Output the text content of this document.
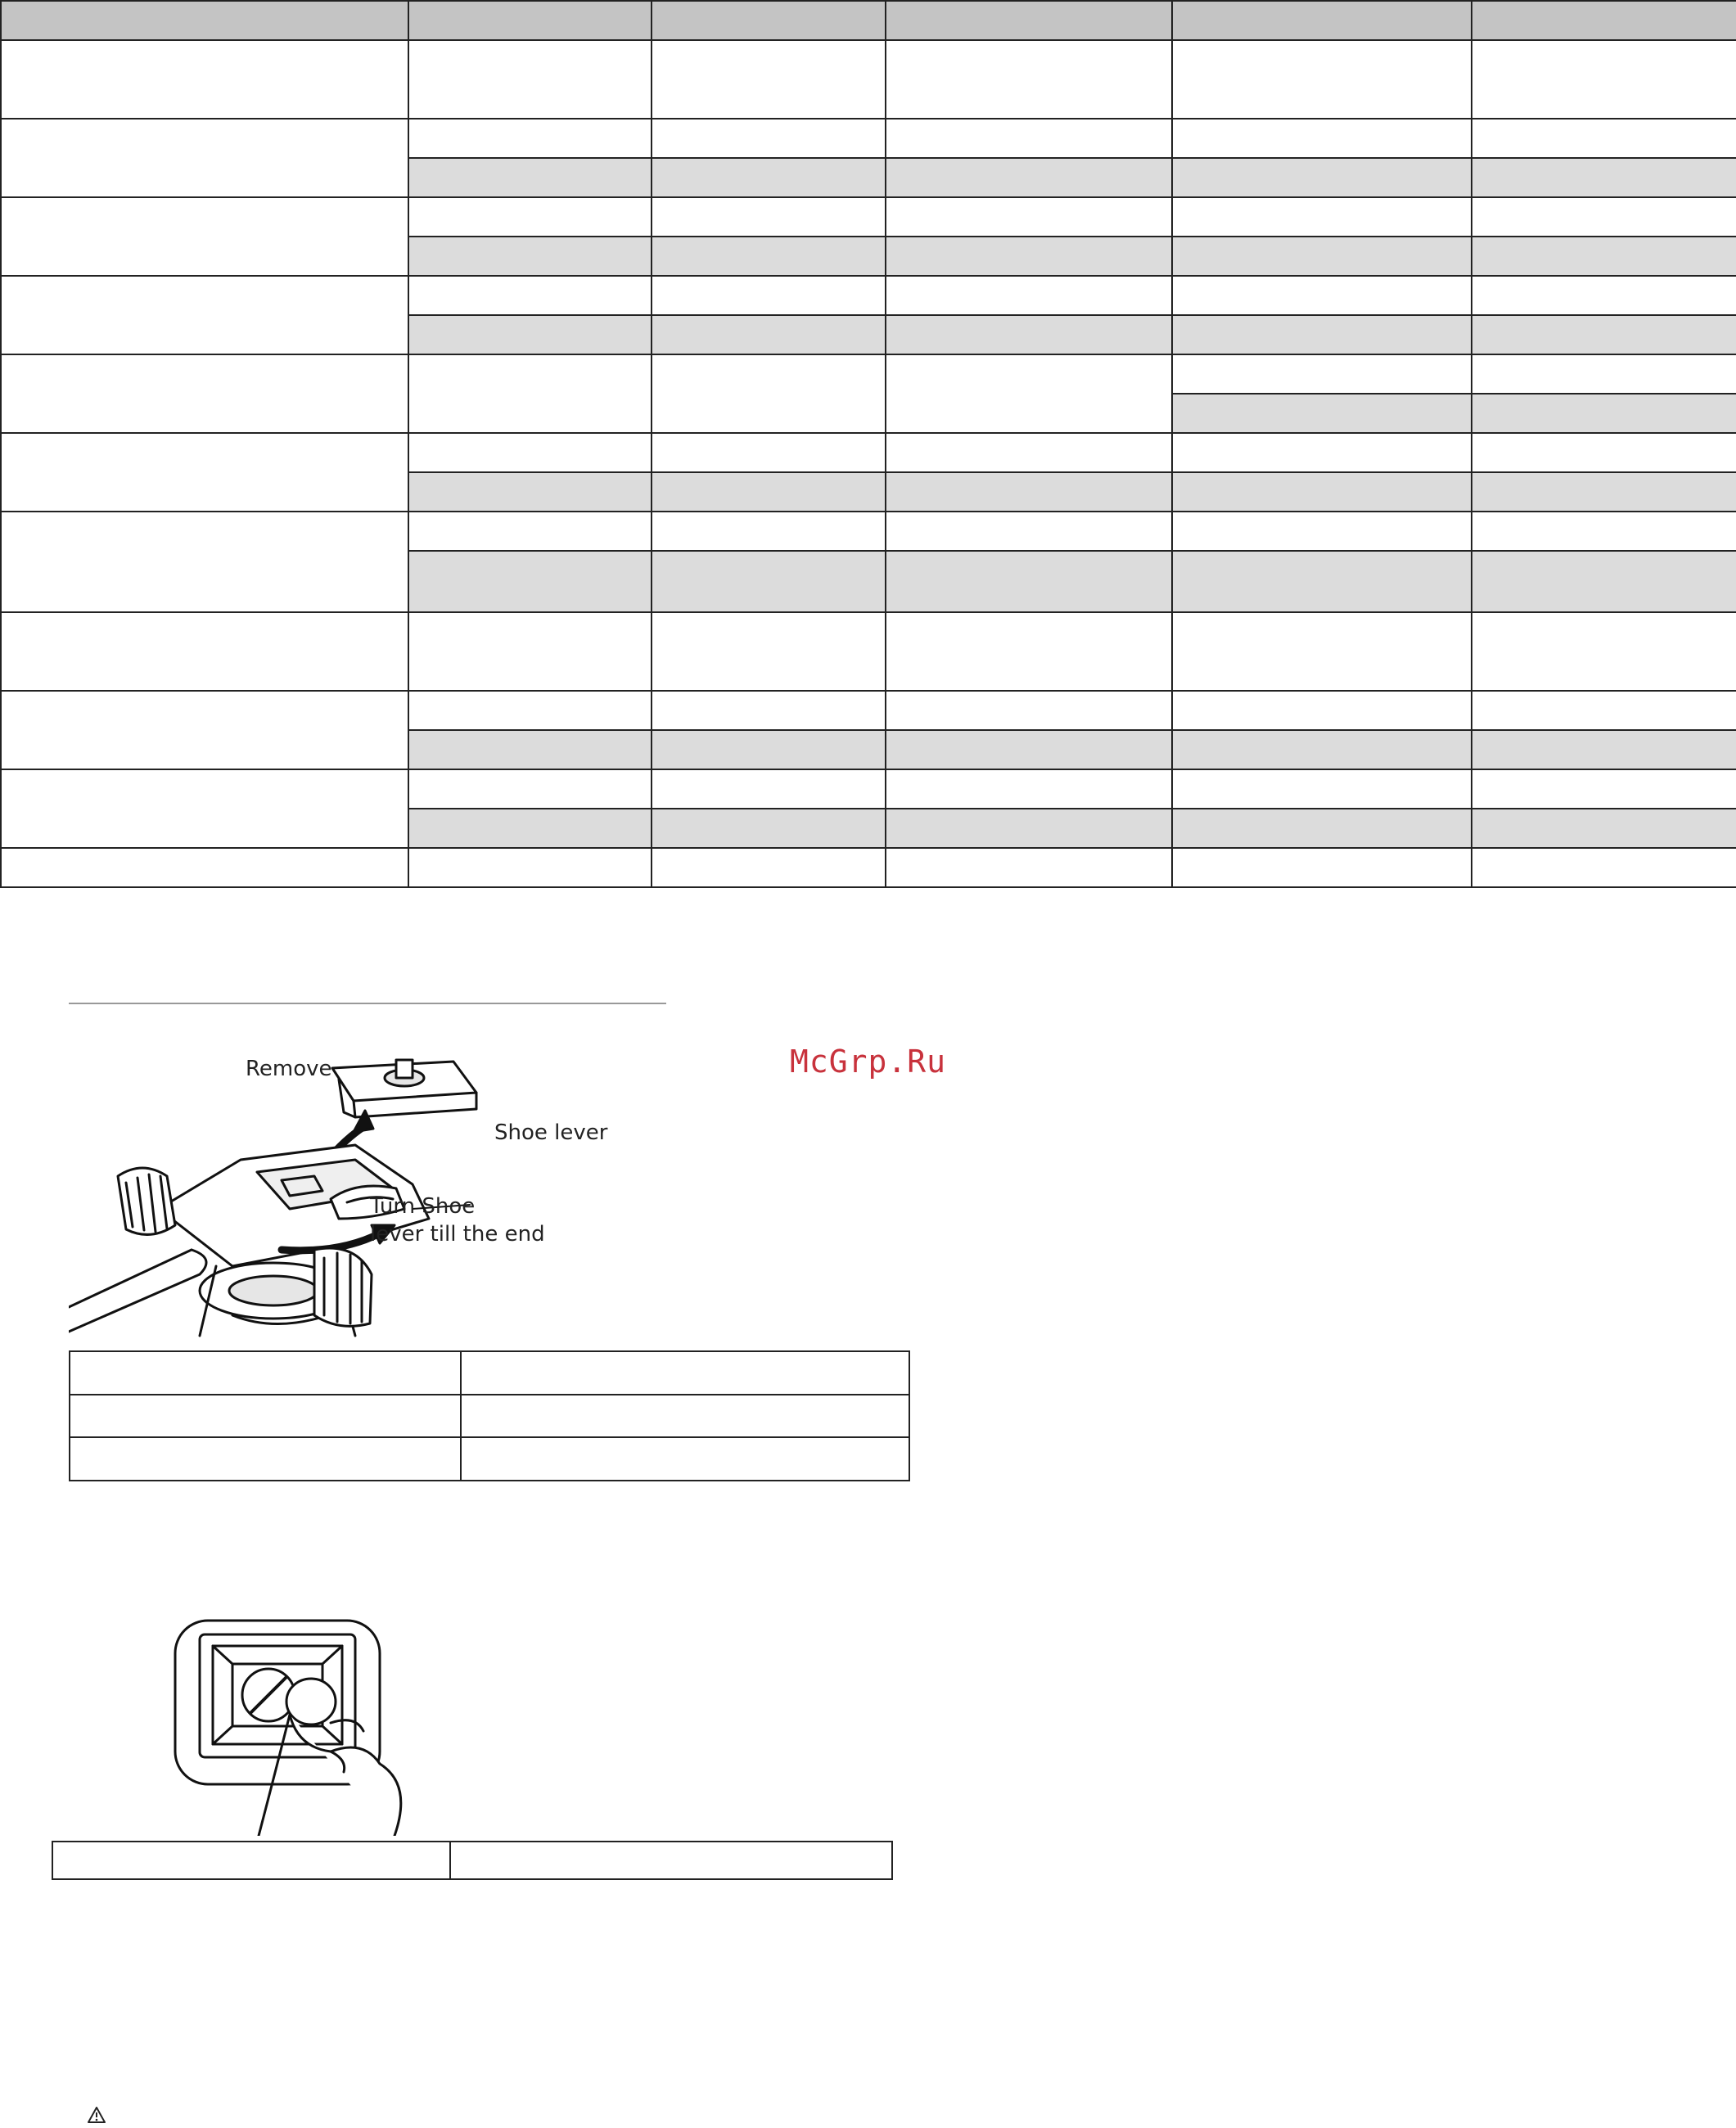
Remove
Shoe lever
Turn Shoe
lever till the end

McGrp.Ru
